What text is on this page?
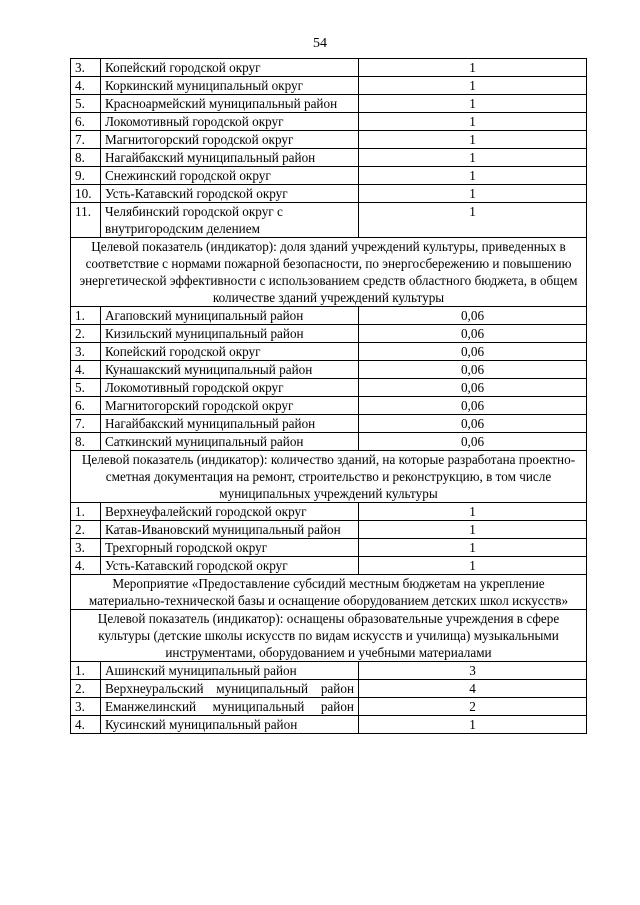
54
3.	Копейский городской округ	1
4.	Коркинский муниципальный округ	1
5.	Красноармейский муниципальный район	1
6.	Локомотивный городской округ	1
7.	Магнитогорский городской округ	1
8.	Нагайбакский муниципальный район	1
9.	Снежинский городской округ	1
10.	Усть-Катавский городской округ	1
11.	Челябинский городской округ с внутригородским делением	1
Целевой показатель (индикатор): доля зданий учреждений культуры, приведенных в соответствие с нормами пожарной безопасности, по энергосбережению и повышению энергетической эффективности с использованием средств областного бюджета, в общем количестве зданий учреждений культуры		
1.	Агаповский муниципальный район	0,06
2.	Кизильский муниципальный район	0,06
3.	Копейский городской округ	0,06
4.	Кунашакский муниципальный район	0,06
5.	Локомотивный городской округ	0,06
6.	Магнитогорский городской округ	0,06
7.	Нагайбакский муниципальный район	0,06
8.	Саткинский муниципальный район	0,06
Целевой показатель (индикатор): количество зданий, на которые разработана проектно-сметная документация на ремонт, строительство и реконструкцию, в том числе муниципальных учреждений культуры		
1.	Верхнеуфалейский городской округ	1
2.	Катав-Ивановский муниципальный район	1
3.	Трехгорный городской округ	1
4.	Усть-Катавский городской округ	1
Мероприятие «Предоставление субсидий местным бюджетам на укрепление материально-технической базы и оснащение оборудованием детских школ искусств»		
Целевой показатель (индикатор): оснащены образовательные учреждения в сфере культуры (детские школы искусств по видам искусств и училища) музыкальными инструментами, оборудованием и учебными материалами		
1.	Ашинский муниципальный район	3
2.	Верхнеуральский муниципальный район	4
3.	Еманжелинский муниципальный район	2
4.	Кусинский муниципальный район	1
